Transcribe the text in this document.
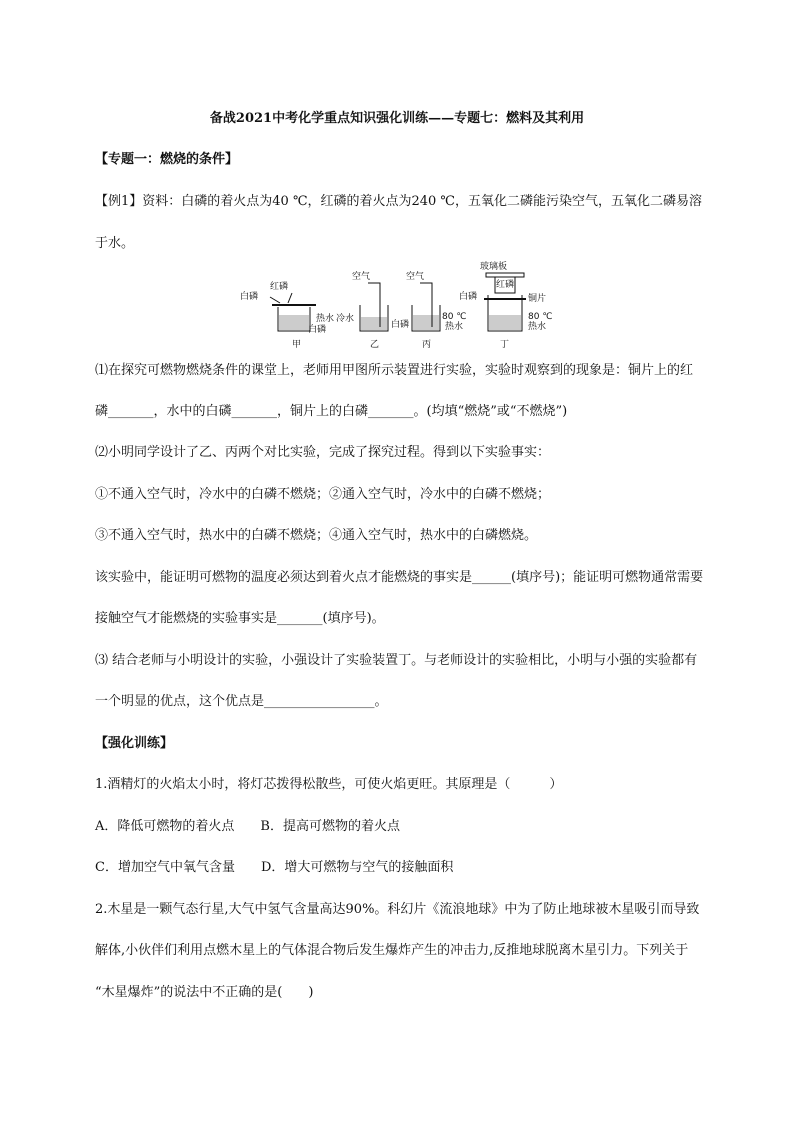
备战2021中考化学重点知识强化训练——专题七：燃料及其利用
【专题一：燃烧的条件】
【例1】资料：白磷的着火点为40 ℃，红磷的着火点为240 ℃，五氧化二磷能污染空气，五氧化二磷易溶
于水。
红磷
白磷
热水
白磷
冷水
空气
白磷
空气
80 ℃
热水
玻璃板
红磷
白磷	铜片
80 ℃
热水
甲	乙	丙	丁
⑴在探究可燃物燃烧条件的课堂上，老师用甲图所示装置进行实验，实验时观察到的现象是：铜片上的红
磷_______，水中的白磷_______，铜片上的白磷_______。(均填“燃烧”或“不燃烧”)
⑵小明同学设计了乙、丙两个对比实验，完成了探究过程。得到以下实验事实：
①不通入空气时，冷水中的白磷不燃烧；②通入空气时，冷水中的白磷不燃烧；
③不通入空气时，热水中的白磷不燃烧；④通入空气时，热水中的白磷燃烧。
该实验中，能证明可燃物的温度必须达到着火点才能燃烧的事实是______(填序号)；能证明可燃物通常需要
接触空气才能燃烧的实验事实是_______(填序号)。
⑶ 结合老师与小明设计的实验，小强设计了实验装置丁。与老师设计的实验相比，小明与小强的实验都有
一个明显的优点，这个优点是_________________。
【强化训练】
1.酒精灯的火焰太小时，将灯芯拨得松散些，可使火焰更旺。其原理是（　　　）
A．降低可燃物的着火点　　B．提高可燃物的着火点
C．增加空气中氧气含量　　D．增大可燃物与空气的接触面积
2.木星是一颗气态行星,大气中氢气含量高达90%。科幻片《流浪地球》中为了防止地球被木星吸引而导致
解体,小伙伴们利用点燃木星上的气体混合物后发生爆炸产生的冲击力,反推地球脱离木星引力。下列关于
“木星爆炸”的说法中不正确的是(　　)
